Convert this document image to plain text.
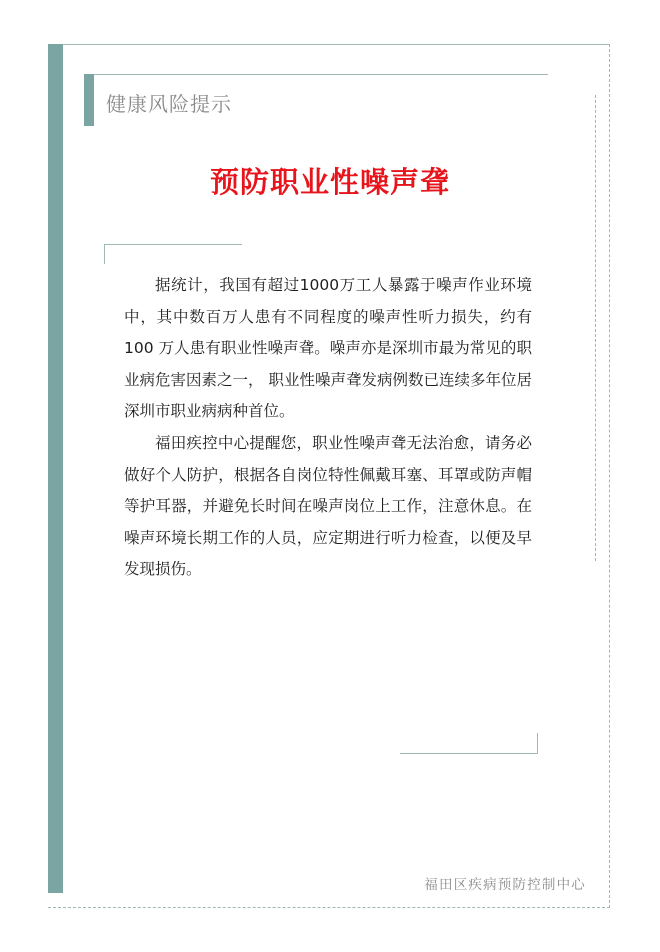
健康风险提示
预防职业性噪声聋

据统计，我国有超过1000万工人暴露于噪声作业环境中，其中数百万人患有不同程度的噪声性听力损失，约有100 万人患有职业性噪声聋。噪声亦是深圳市最为常见的职业病危害因素之一， 职业性噪声聋发病例数已连续多年位居深圳市职业病病种首位。

福田疾控中心提醒您，职业性噪声聋无法治愈，请务必做好个人防护，根据各自岗位特性佩戴耳塞、耳罩或防声帽等护耳器，并避免长时间在噪声岗位上工作，注意休息。在噪声环境长期工作的人员，应定期进行听力检查，以便及早发现损伤。

福田区疾病预防控制中心
